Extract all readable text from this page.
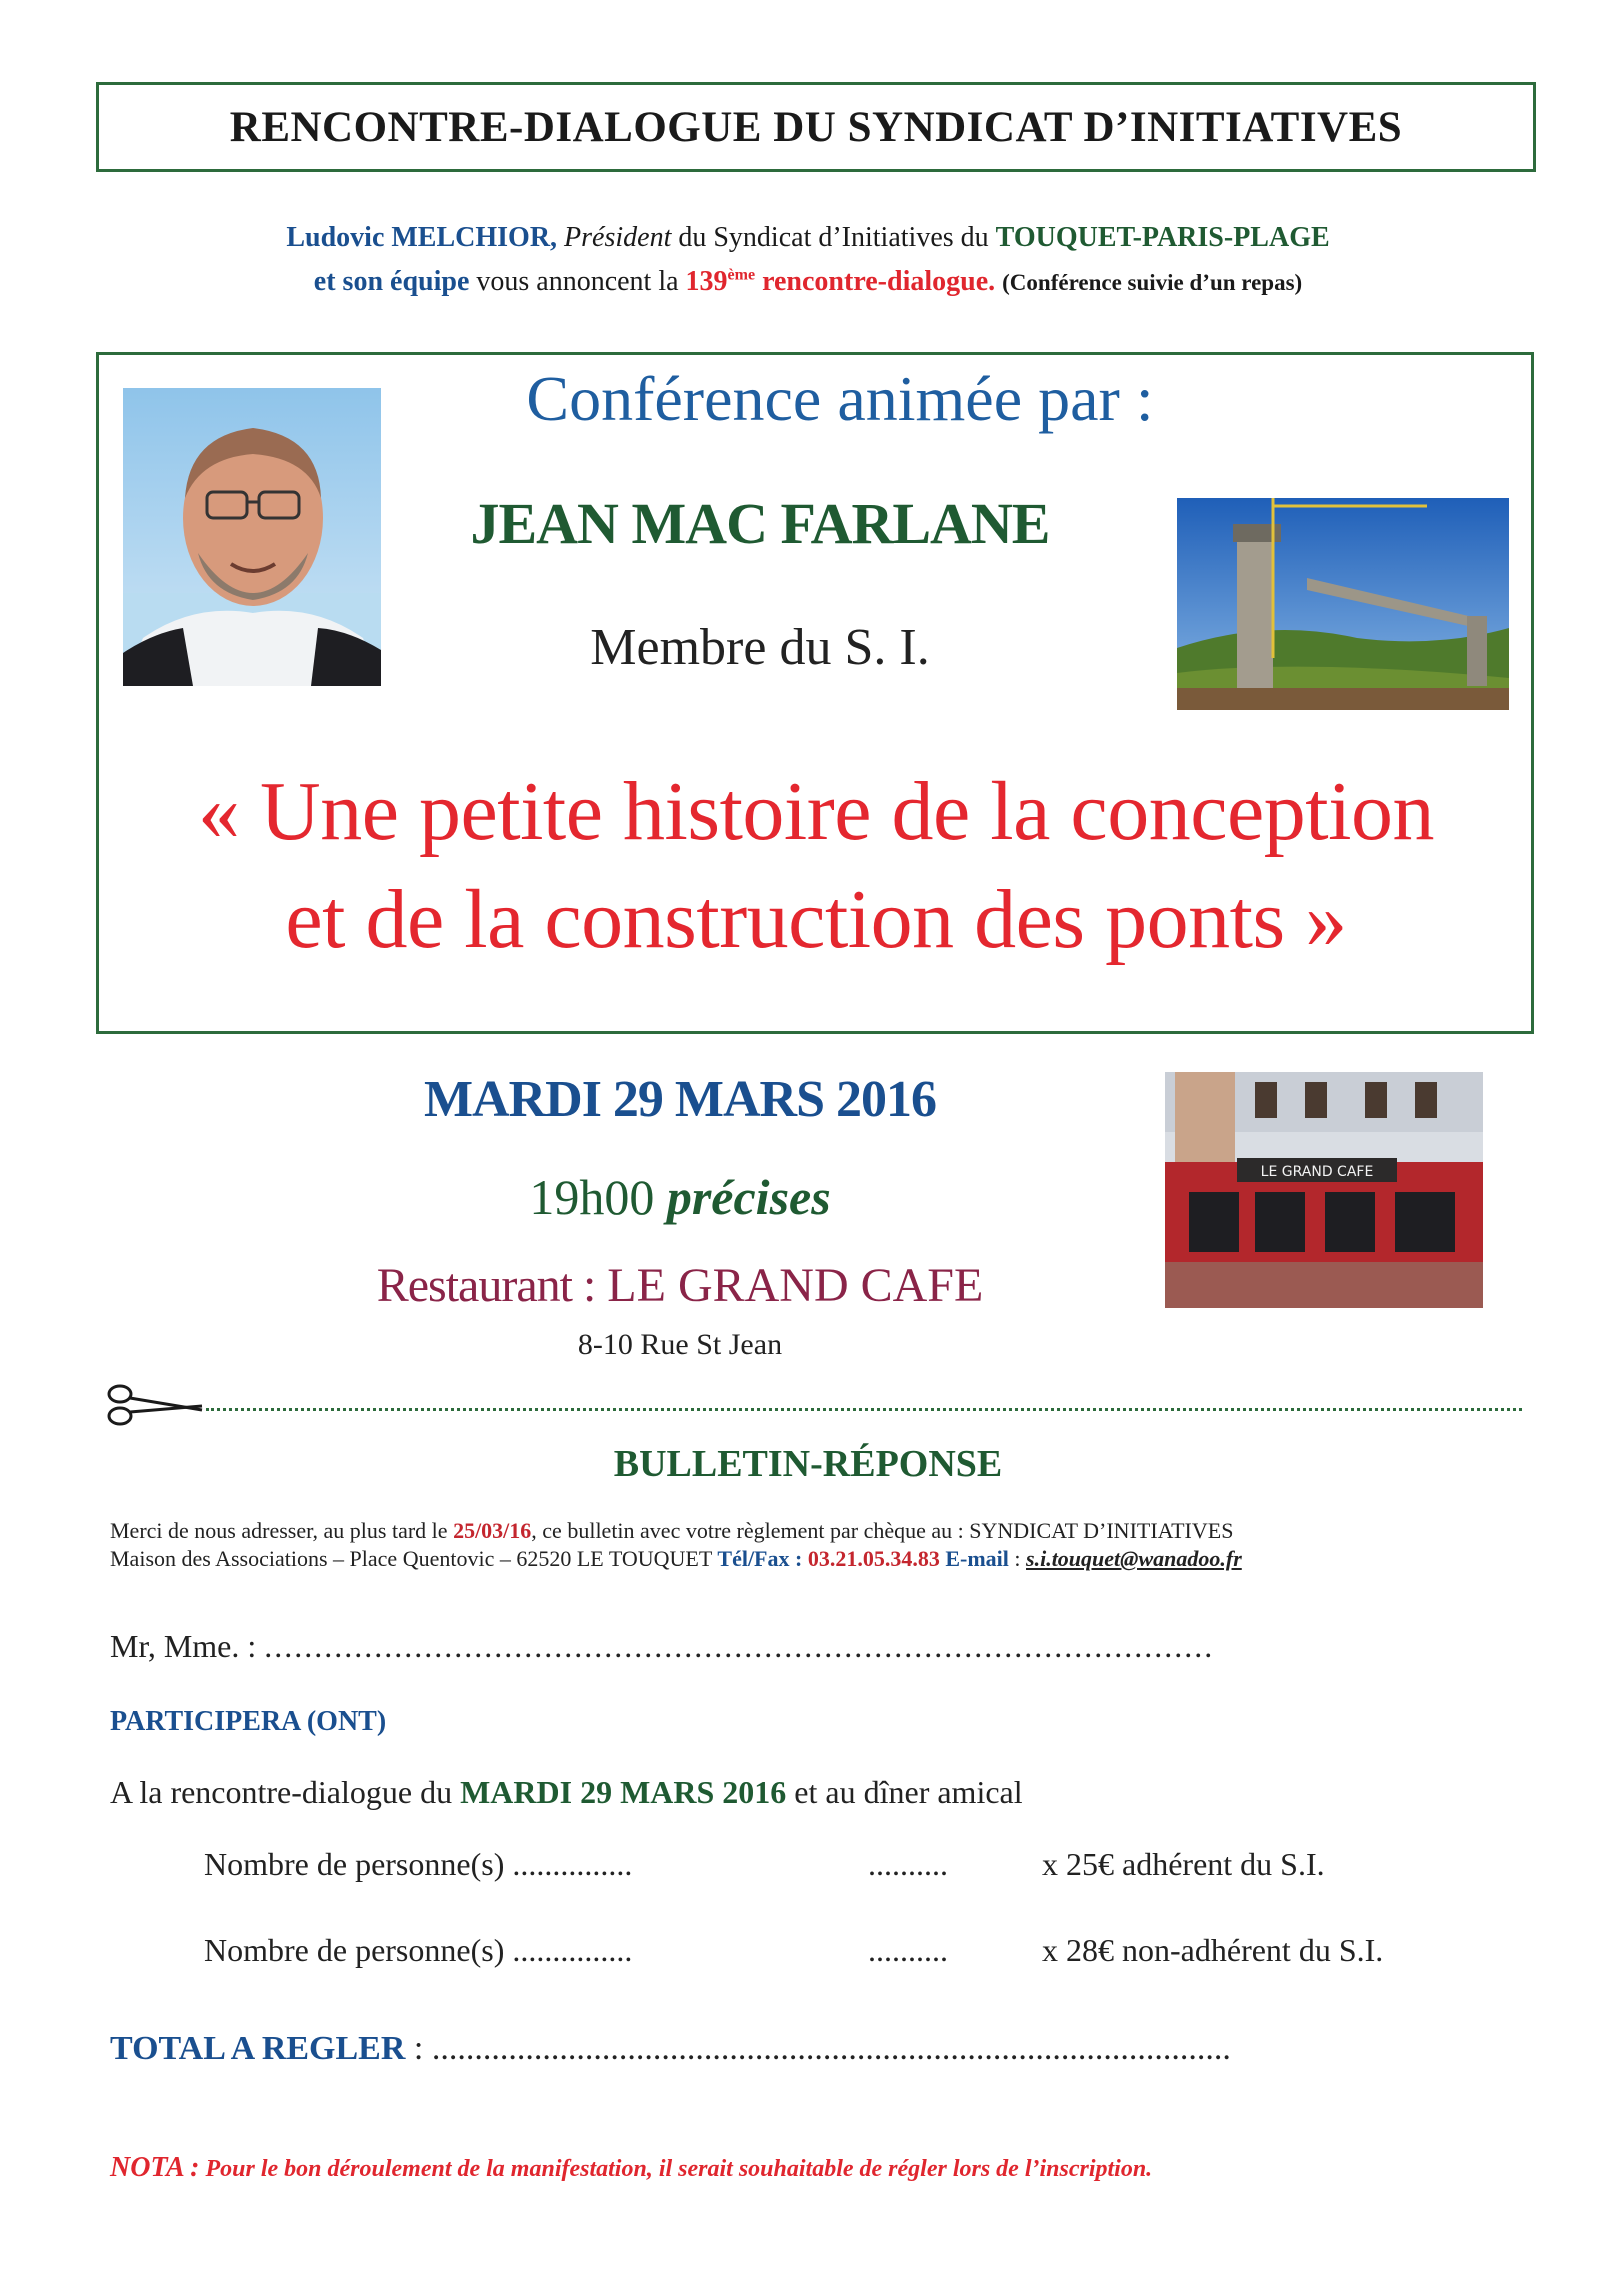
RENCONTRE-DIALOGUE DU SYNDICAT D’INITIATIVES
Ludovic MELCHIOR, Président du Syndicat d’Initiatives du TOUQUET-PARIS-PLAGE
et son équipe vous annoncent la 139ème rencontre-dialogue. (Conférence suivie d’un repas)
Conférence animée par :
JEAN MAC FARLANE
Membre du S. I.
« Une petite histoire de la conception
et de la construction des ponts »
MARDI 29 MARS 2016
19h00 précises
Restaurant : LE GRAND CAFE
8-10 Rue St Jean
LE GRAND CAFE
BULLETIN-RÉPONSE
Merci de nous adresser, au plus tard le 25/03/16, ce bulletin avec votre règlement par chèque au : SYNDICAT D’INITIATIVES
Maison des Associations – Place Quentovic – 62520 LE TOUQUET Tél/Fax : 03.21.05.34.83 E-mail : s.i.touquet@wanadoo.fr
Mr, Mme. : ...............................................................................................
PARTICIPERA (ONT)
A la rencontre-dialogue du MARDI 29 MARS 2016 et au dîner amical
Nombre de personne(s) ...............	..........	x 25€ adhérent du S.I.
Nombre de personne(s) ...............	..........	x 28€ non-adhérent du S.I.
TOTAL A REGLER : ..............................................................................................
NOTA : Pour le bon déroulement de la manifestation, il serait souhaitable de régler lors de l’inscription.
